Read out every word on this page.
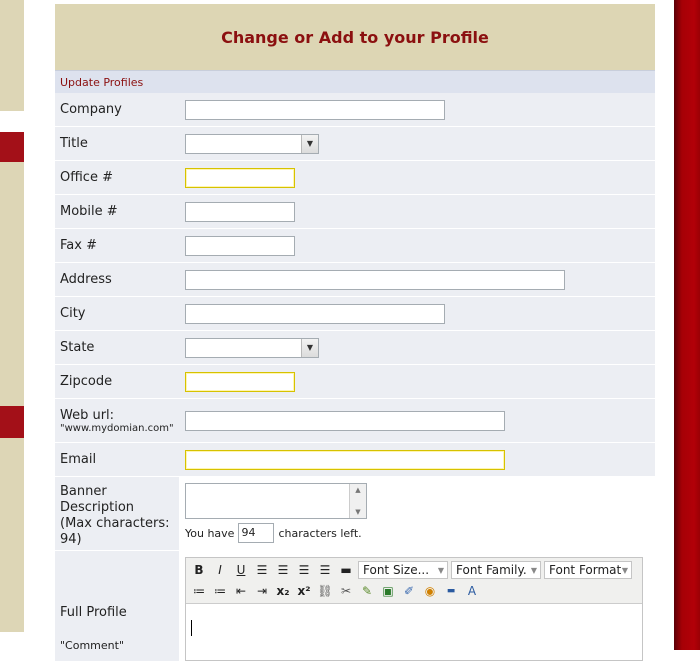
Change or Add to your Profile
Update Profiles
Company
Title	▼
Office #
Mobile #
Fax #
Address
City
State	▼
Zipcode
Web url:
"www.mydomian.com"
Email
Banner
Description
(Max characters:
94)
▲
▼
You have 94	characters left.
Full Profile
"Comment"
B	I	U ☰ ☰ ☰ ☰ ▬ Font Size... ▼ Font Family. ▼ Font Format ▼
≔ ≔ ⇤ ⇥ x₂ x² ⛓ ✂ ✎ ▣ ✐ ◉	▬	A
